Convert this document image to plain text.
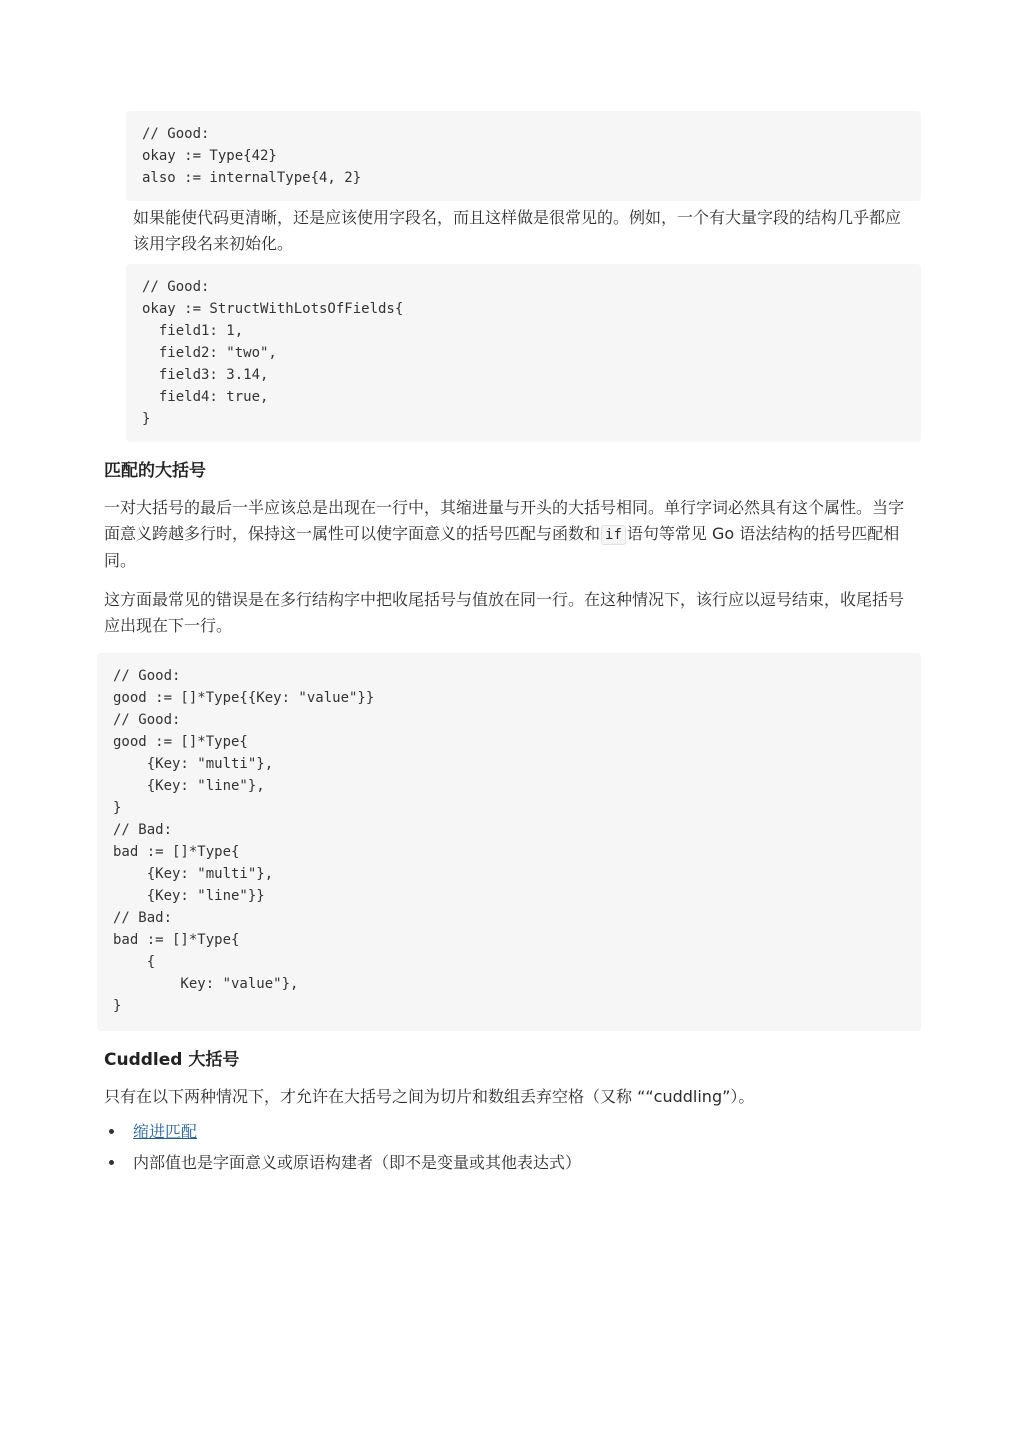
// Good:
okay := Type{42}
also := internalType{4, 2}

如果能使代码更清晰，还是应该使用字段名，而且这样做是很常见的。例如，一个有大量字段的结构几乎都应该用字段名来初始化。

// Good:
okay := StructWithLotsOfFields{
field1: 1,
field2: "two",
field3: 3.14,
field4: true,
}
匹配的大括号

一对大括号的最后一半应该总是出现在一行中，其缩进量与开头的大括号相同。单行字词必然具有这个属性。当字面意义跨越多行时，保持这一属性可以使字面意义的括号匹配与函数和 if 语句等常见 Go 语法结构的括号匹配相同。

这方面最常见的错误是在多行结构字中把收尾括号与值放在同一行。在这种情况下，该行应以逗号结束，收尾括号应出现在下一行。

// Good:
good := []*Type{{Key: "value"}}
// Good:
good := []*Type{
{Key: "multi"},
{Key: "line"},
}
// Bad:
bad := []*Type{
{Key: "multi"},
{Key: "line"}}
// Bad:
bad := []*Type{
{
Key: "value"},
}
Cuddled 大括号

只有在以下两种情况下，才允许在大括号之间为切片和数组丢弃空格（又称 ““cuddling”）。

缩进匹配
内部值也是字面意义或原语构建者（即不是变量或其他表达式）
